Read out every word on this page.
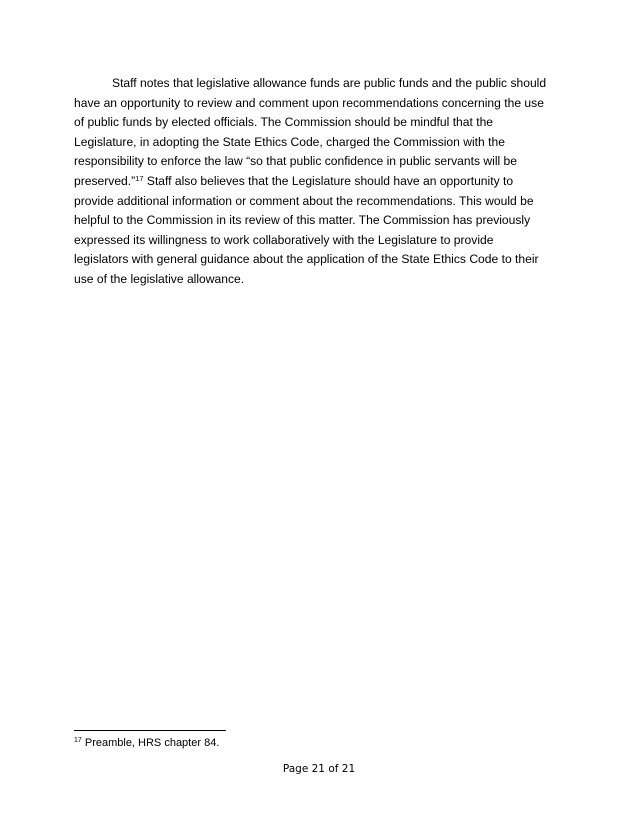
Staff notes that legislative allowance funds are public funds and the public should
have an opportunity to review and comment upon recommendations concerning the use
of public funds by elected officials. The Commission should be mindful that the
Legislature, in adopting the State Ethics Code, charged the Commission with the
responsibility to enforce the law “so that public confidence in public servants will be
preserved.”$^{17}$ Staff also believes that the Legislature should have an opportunity to
provide additional information or comment about the recommendations. This would be
helpful to the Commission in its review of this matter. The Commission has previously
expressed its willingness to work collaboratively with the Legislature to provide
legislators with general guidance about the application of the State Ethics Code to their
use of the legislative allowance.

$^{17}$ Preamble, HRS chapter 84.
Page 21 of 21
